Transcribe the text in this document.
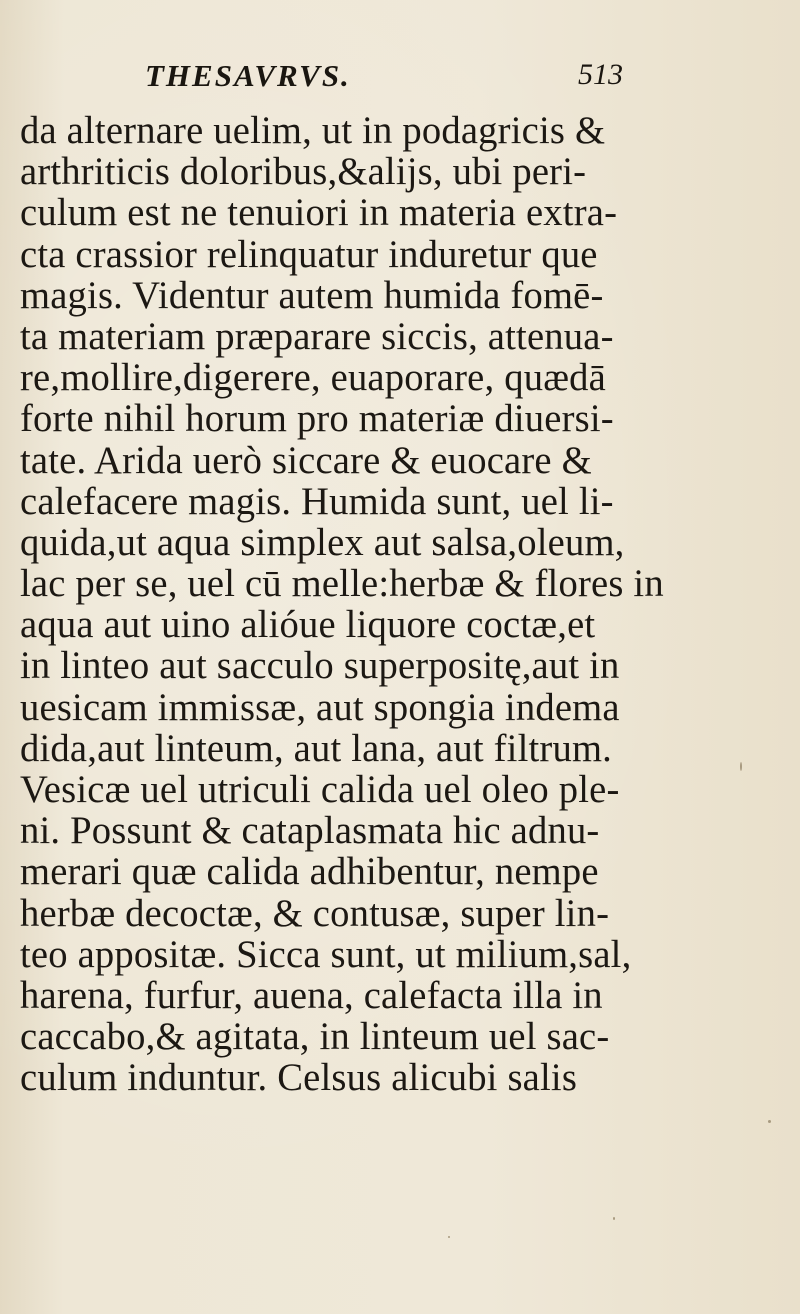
THESAVRVS.	513
da alternare uelim, ut in podagricis &
arthriticis doloribus,&alijs, ubi peri-
culum est ne tenuiori in materia extra-
cta crassior relinquatur induretur que
magis. Videntur autem humida fomē-
ta materiam præparare siccis, attenua-
re,mollire,digerere, euaporare, quædā
forte nihil horum pro materiæ diuersi-
tate. Arida uerò siccare & euocare &
calefacere magis. Humida sunt, uel li-
quida,ut aqua simplex aut salsa,oleum,
lac per se, uel cū melle:herbæ & flores in
aqua aut uino alióue liquore coctæ,et
in linteo aut sacculo superpositę,aut in
uesicam immissæ, aut spongia indema
dida,aut linteum, aut lana, aut filtrum.
Vesicæ uel utriculi calida uel oleo ple-
ni. Possunt & cataplasmata hic adnu-
merari quæ calida adhibentur, nempe
herbæ decoctæ, & contusæ, super lin-
teo appositæ. Sicca sunt, ut milium,sal,
harena, furfur, auena, calefacta illa in
caccabo,& agitata, in linteum uel sac-
culum induntur. Celsus alicubi salis
